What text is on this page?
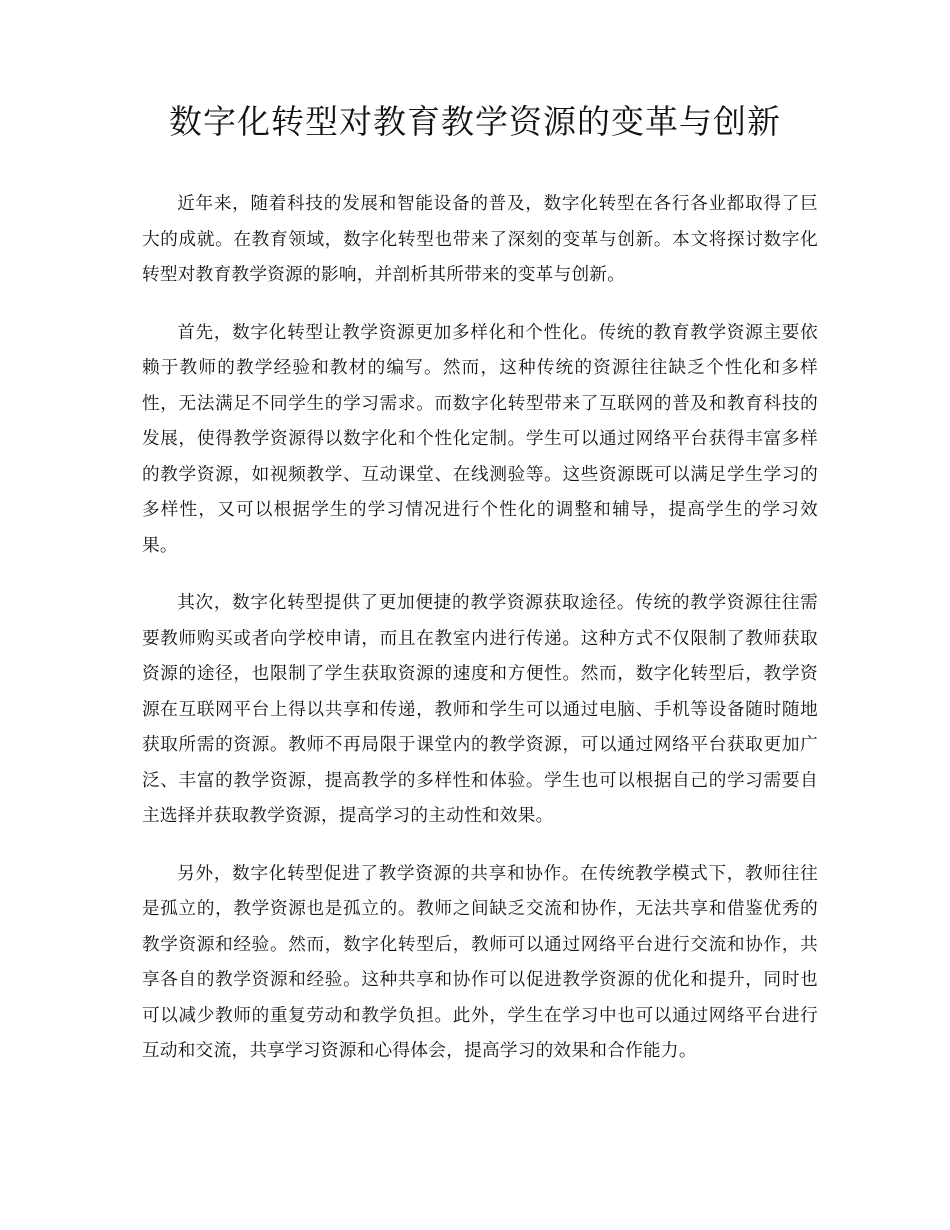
数字化转型对教育教学资源的变革与创新

近年来，随着科技的发展和智能设备的普及，数字化转型在各行各业都取得了巨大的成就。在教育领域，数字化转型也带来了深刻的变革与创新。本文将探讨数字化转型对教育教学资源的影响，并剖析其所带来的变革与创新。

首先，数字化转型让教学资源更加多样化和个性化。传统的教育教学资源主要依赖于教师的教学经验和教材的编写。然而，这种传统的资源往往缺乏个性化和多样性，无法满足不同学生的学习需求。而数字化转型带来了互联网的普及和教育科技的发展，使得教学资源得以数字化和个性化定制。学生可以通过网络平台获得丰富多样的教学资源，如视频教学、互动课堂、在线测验等。这些资源既可以满足学生学习的多样性，又可以根据学生的学习情况进行个性化的调整和辅导，提高学生的学习效果。

其次，数字化转型提供了更加便捷的教学资源获取途径。传统的教学资源往往需要教师购买或者向学校申请，而且在教室内进行传递。这种方式不仅限制了教师获取资源的途径，也限制了学生获取资源的速度和方便性。然而，数字化转型后，教学资源在互联网平台上得以共享和传递，教师和学生可以通过电脑、手机等设备随时随地获取所需的资源。教师不再局限于课堂内的教学资源，可以通过网络平台获取更加广泛、丰富的教学资源，提高教学的多样性和体验。学生也可以根据自己的学习需要自主选择并获取教学资源，提高学习的主动性和效果。

另外，数字化转型促进了教学资源的共享和协作。在传统教学模式下，教师往往是孤立的，教学资源也是孤立的。教师之间缺乏交流和协作，无法共享和借鉴优秀的教学资源和经验。然而，数字化转型后，教师可以通过网络平台进行交流和协作，共享各自的教学资源和经验。这种共享和协作可以促进教学资源的优化和提升，同时也可以减少教师的重复劳动和教学负担。此外，学生在学习中也可以通过网络平台进行互动和交流，共享学习资源和心得体会，提高学习的效果和合作能力。
